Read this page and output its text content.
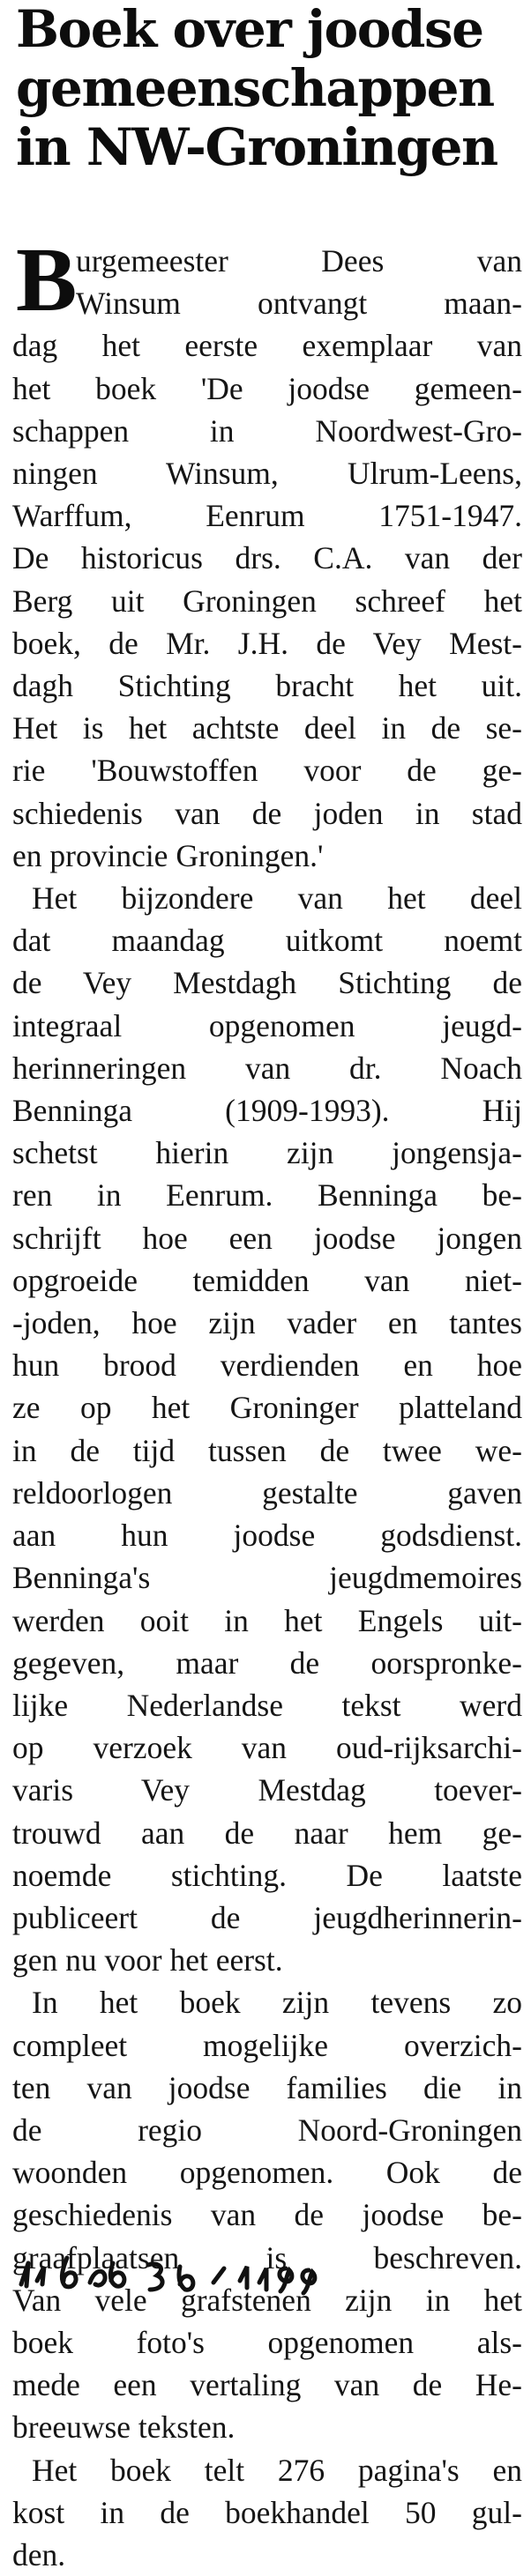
Boek over joodse
gemeenschappen
in NW-Groningen
B

urgemeester Dees van
Winsum ontvangt maan-
dag het eerste exemplaar van
het boek 'De joodse gemeen-
schappen in Noordwest-Gro-
ningen Winsum, Ulrum-Leens,
Warffum, Eenrum 1751-1947.
De historicus drs. C.A. van der
Berg uit Groningen schreef het
boek, de Mr. J.H. de Vey Mest-
dagh Stichting bracht het uit.
Het is het achtste deel in de se-
rie 'Bouwstoffen voor de ge-
schiedenis van de joden in stad
en provincie Groningen.'

Het bijzondere van het deel
dat maandag uitkomt noemt
de Vey Mestdagh Stichting de
integraal opgenomen jeugd-
herinneringen van dr. Noach
Benninga (1909-1993). Hij
schetst hierin zijn jongensja-
ren in Eenrum. Benninga be-
schrijft hoe een joodse jongen
opgroeide temidden van niet-
-joden, hoe zijn vader en tantes
hun brood verdienden en hoe
ze op het Groninger platteland
in de tijd tussen de twee we-
reldoorlogen gestalte gaven
aan hun joodse godsdienst.
Benninga's jeugdmemoires
werden ooit in het Engels uit-
gegeven, maar de oorspronke-
lijke Nederlandse tekst werd
op verzoek van oud-rijksarchi-
varis Vey Mestdag toever-
trouwd aan de naar hem ge-
noemde stichting. De laatste
publiceert de jeugdherinnerin-
gen nu voor het eerst.

In het boek zijn tevens zo
compleet mogelijke overzich-
ten van joodse families die in
de regio Noord-Groningen
woonden opgenomen. Ook de
geschiedenis van de joodse be-
graafplaatsen is beschreven.
Van vele grafstenen zijn in het
boek foto's opgenomen als-
mede een vertaling van de He-
breeuwse teksten.

Het boek telt 276 pagina's en
kost in de boekhandel 50 gul-
den.
